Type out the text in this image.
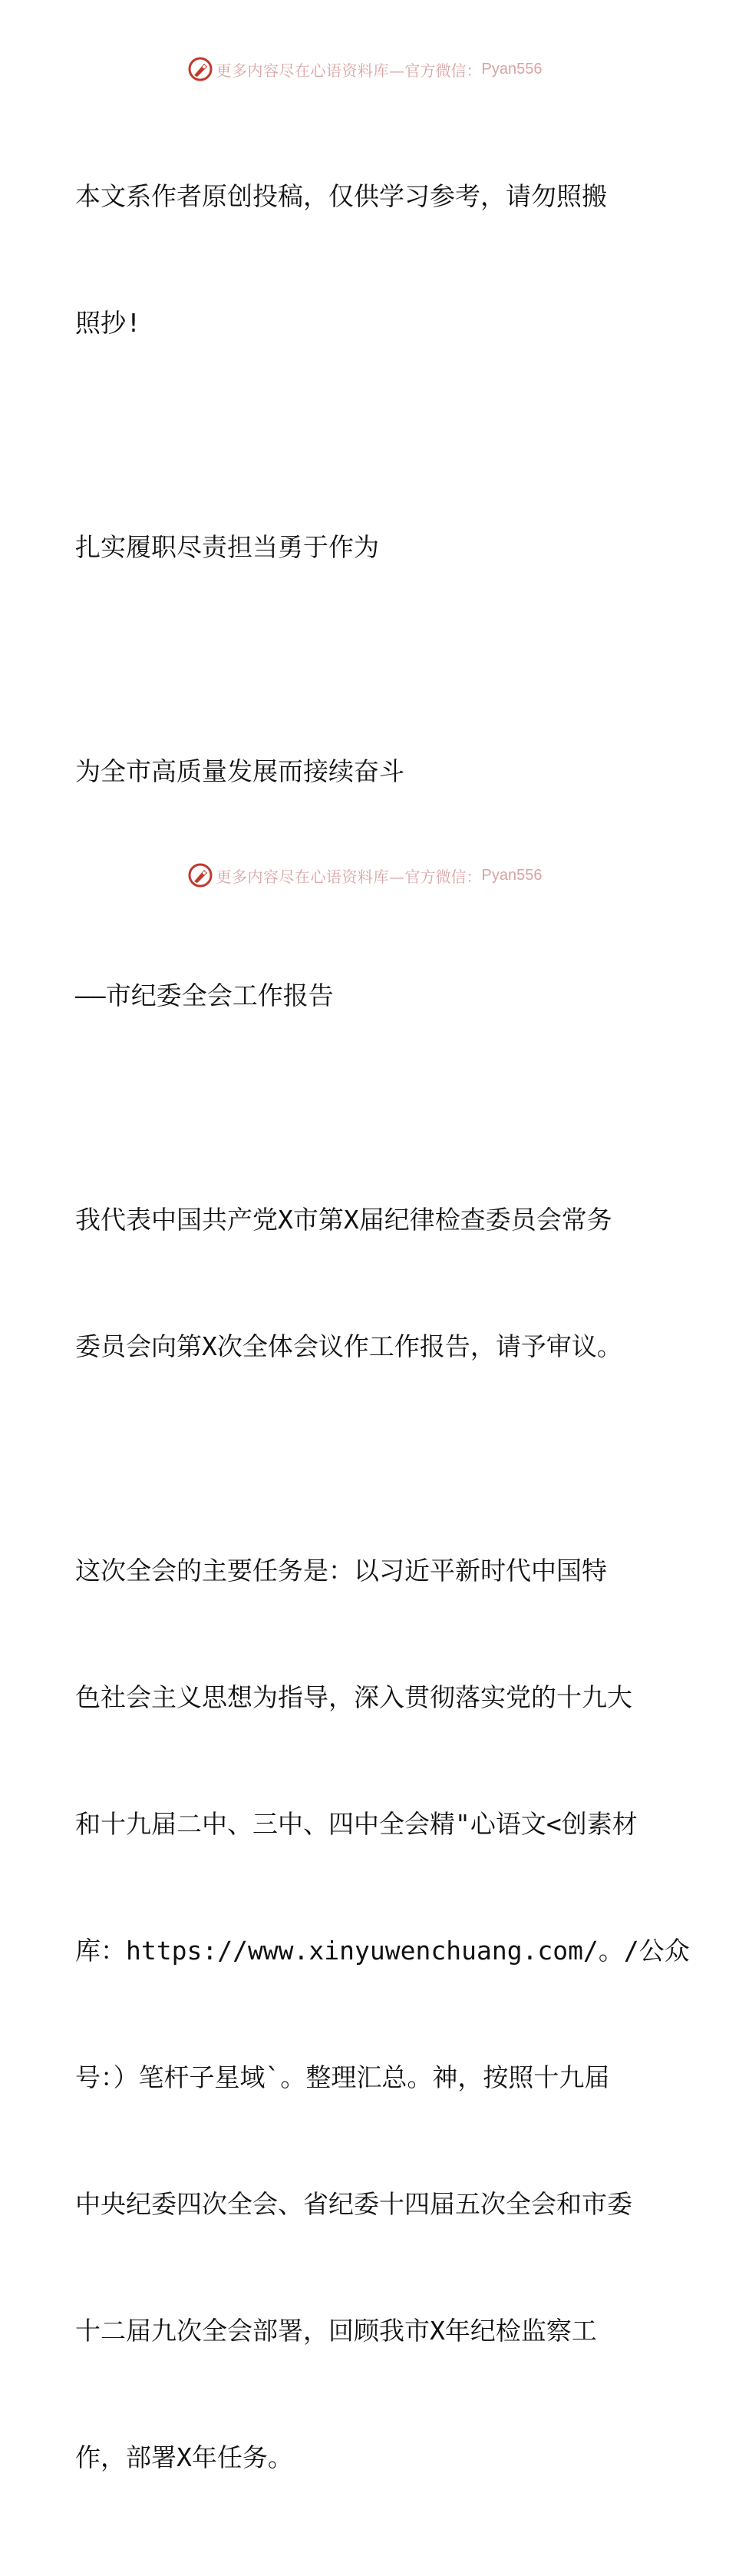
更多内容尽在心语资料库— 官方微信： Pyan556

本文系作者原创投稿，仅供学习参考，请勿照搬

照抄!

扎实履职尽责担当勇于作为

为全市高质量发展而接续奋斗

——市纪委全会工作报告

我代表中国共产党X市第X届纪律检查委员会常务

委员会向第X次全体会议作工作报告，请予审议。

这次全会的主要任务是：以习近平新时代中国特

色社会主义思想为指导，深入贯彻落实党的十九大

和十九届二中、三中、四中全会精"心语文<创素材

库：https://www.xinyuwenchuang.com/。/公众

号：）笔杆子星域`。整理汇总。神，按照十九届

中央纪委四次全会、省纪委十四届五次全会和市委

十二届九次全会部署，回顾我市X年纪检监察工

作，部署X年任务。

更多内容尽在心语资料库— 官方微信： Pyan556
